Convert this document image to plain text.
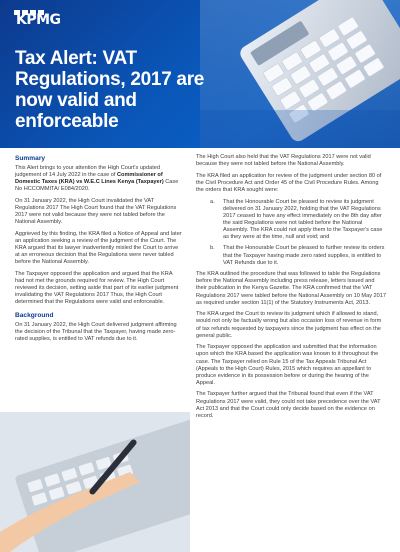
KPMG
Tax Alert: VAT Regulations, 2017 are now valid and enforceable
Summary

This Alert brings to your attention the High Court's updated judgement of 14 July 2022 in the case of Commissioner of Domestic Taxes (KRA) vs W.E.C Lines Kenya (Taxpayer) Case No HCCOMMITA/ E084/2020.

On 31 January 2022, the High Court invalidated the VAT Regulations 2017 The High Court found that the VAT Regulations 2017 were not valid because they were not tabled before the National Assembly.

Aggrieved by this finding, the KRA filed a Notice of Appeal and later an application seeking a review of the judgment of the Court. The KRA argued that its lawyer inadvertently misled the Court to arrive at an erroneous decision that the Regulations were never tabled before the National Assembly.

The Taxpayer opposed the application and argued that the KRA had not met the grounds required for review. The High Court reviewed its decision, setting aside that part of its earlier judgment invalidating the VAT Regulations 2017 Thus, the High Court determined that the Regulations were valid and enforceable.

Background

On 31 January 2022, the High Court delivered judgment affirming the decision of the Tribunal that the Taxpayer, having made zero-rated supplies, is entitled to VAT refunds due to it.

The High Court also held that the VAT Regulations 2017 were not valid because they were not tabled before the National Assembly.

The KRA filed an application for review of the judgment under section 80 of the Civil Procedure Act and Order 45 of the Civil Procedure Rules. Among the orders that KRA sought were:

a. That the Honourable Court be pleased to review its judgment delivered on 31 January 2022, holding that the VAT Regulations 2017 ceased to have any effect immediately on the 8th day after the said Regulations were not tabled before the National Assembly. The KRA could not apply them to the Taxpayer's case as they were at the time, null and void; and
b. That the Honourable Court be pleased to further review its orders that the Taxpayer having made zero rated supplies, is entitled to VAT Refunds due to it.

The KRA outlined the procedure that was followed to table the Regulations before the National Assembly including press release, letters issued and their publication in the Kenya Gazette. The KRA confirmed that the VAT Regulations 2017 were tabled before the National Assembly on 10 May 2017 as required under section 11(1) of the Statutory Instruments Act, 2013.

The KRA urged the Court to review its judgment which if allowed to stand, would not only be factually wrong but also occasion loss of revenue in form of tax refunds requested by taxpayers since the judgment has effect on the general public.

The Taxpayer opposed the application and submitted that the information upon which the KRA based the application was known to it throughout the case. The Taxpayer relied on Rule 15 of the Tax Appeals Tribunal Act (Appeals to the High Court) Rules, 2015 which requires an appellant to produce evidence in its possession before or during the hearing of the Appeal.

The Taxpayer further argued that the Tribunal found that even if the VAT Regulations 2017 were valid, they could not take precedence over the VAT Act 2013 and that the Court could only decide based on the evidence on record.
